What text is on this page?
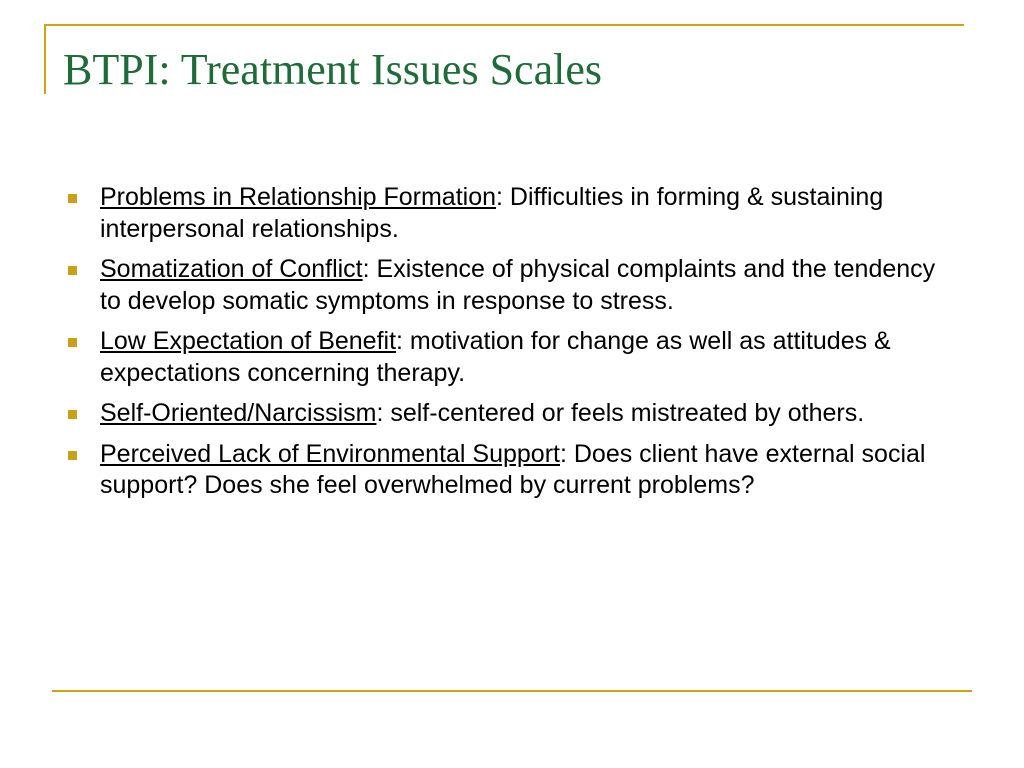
BTPI: Treatment Issues Scales
Problems in Relationship Formation: Difficulties in forming & sustaining interpersonal relationships.
Somatization of Conflict: Existence of physical complaints and the tendency to develop somatic symptoms in response to stress.
Low Expectation of Benefit: motivation for change as well as attitudes & expectations concerning therapy.
Self-Oriented/Narcissism: self-centered or feels mistreated by others.
Perceived Lack of Environmental Support: Does client have external social support? Does she feel overwhelmed by current problems?
